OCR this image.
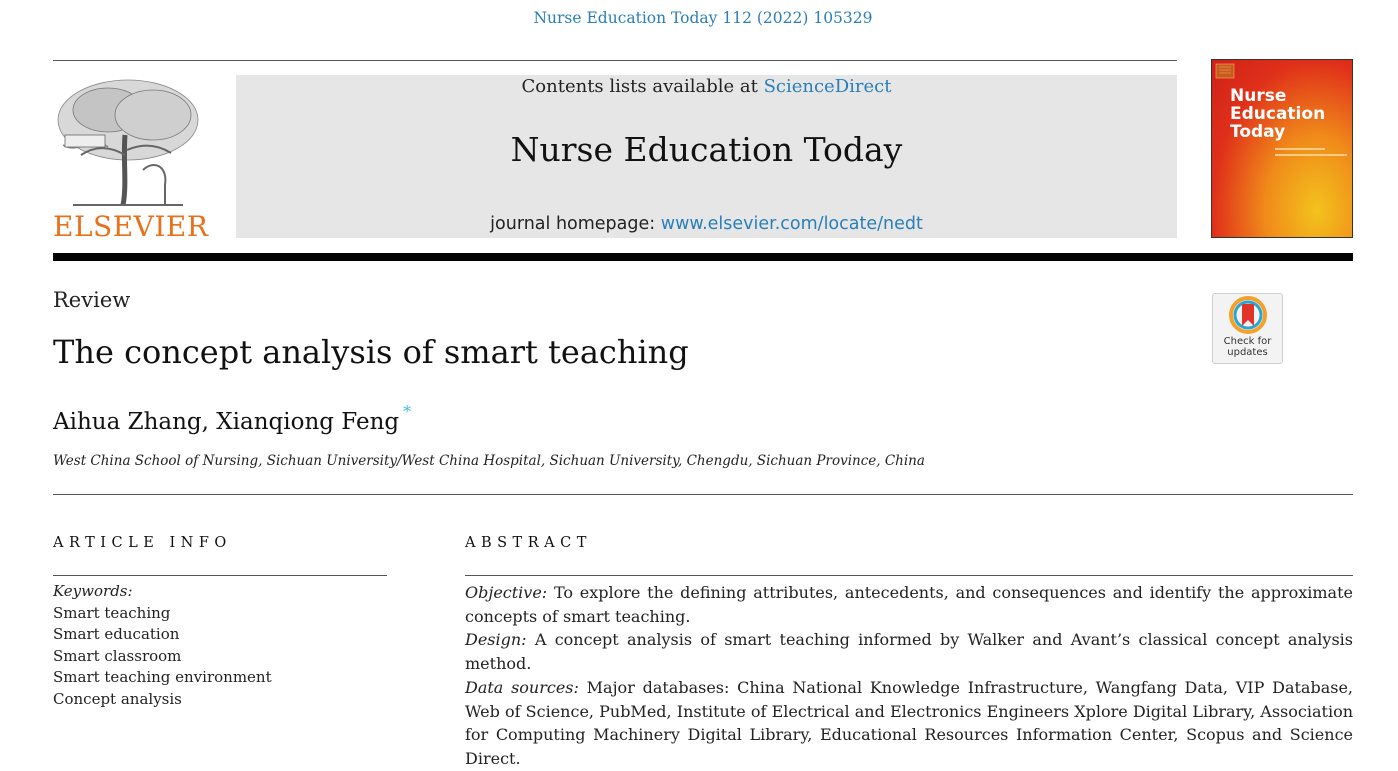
Nurse Education Today 112 (2022) 105329
ELSEVIER
Contents lists available at ScienceDirect
Nurse Education Today
journal homepage: www.elsevier.com/locate/nedt
Nurse
Education
Today
Review
The concept analysis of smart teaching	Check for
updates
Aihua Zhang, Xianqiong Feng *
West China School of Nursing, Sichuan University/West China Hospital, Sichuan University, Chengdu, Sichuan Province, China
ARTICLE INFO
Keywords:
Smart teaching
Smart education
Smart classroom
Smart teaching environment
Concept analysis
ABSTRACT

Objective: To explore the defining attributes, antecedents, and consequences and identify the approximate concepts of smart teaching.

Design: A concept analysis of smart teaching informed by Walker and Avant’s classical concept analysis method.

Data sources: Major databases: China National Knowledge Infrastructure, Wangfang Data, VIP Database, Web of Science, PubMed, Institute of Electrical and Electronics Engineers Xplore Digital Library, Association for Computing Machinery Digital Library, Educational Resources Information Center, Scopus and Science Direct.
